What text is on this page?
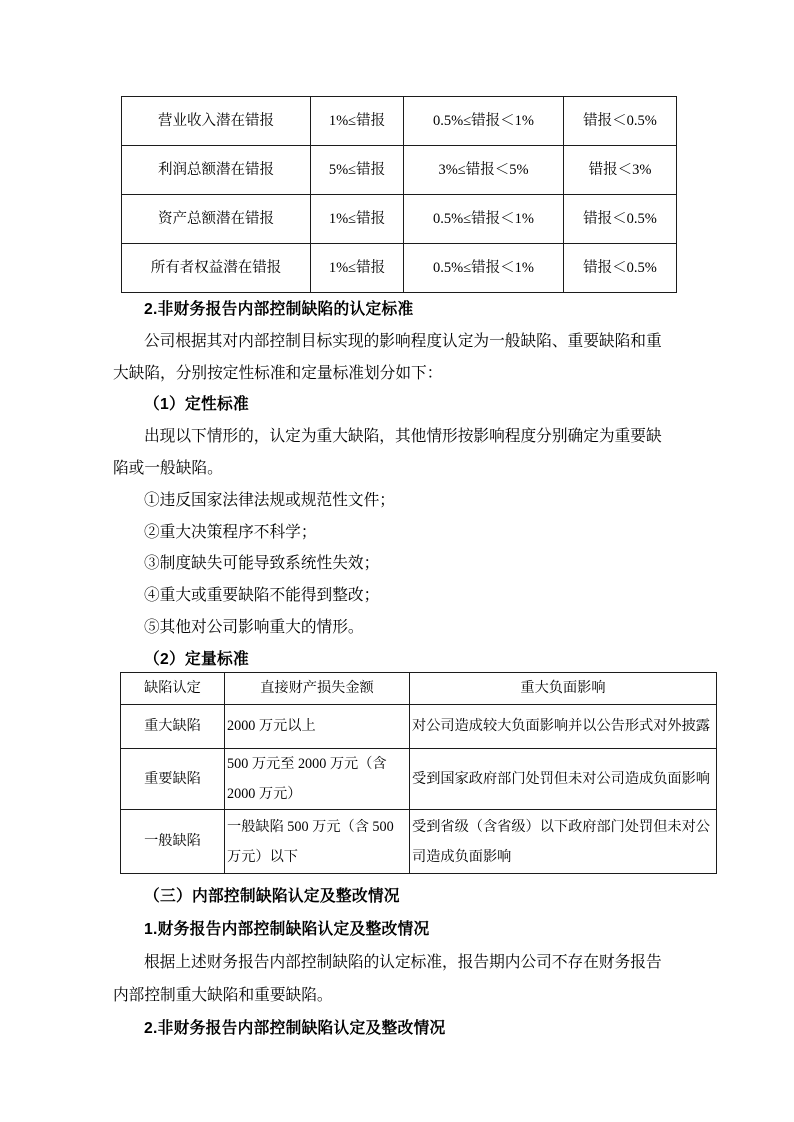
营业收入潜在错报	1%≤错报	0.5%≤错报＜1%	错报＜0.5%
利润总额潜在错报	5%≤错报	3%≤错报＜5%	错报＜3%
资产总额潜在错报	1%≤错报	0.5%≤错报＜1%	错报＜0.5%
所有者权益潜在错报	1%≤错报	0.5%≤错报＜1%	错报＜0.5%
2.非财务报告内部控制缺陷的认定标准
公司根据其对内部控制目标实现的影响程度认定为一般缺陷、重要缺陷和重
大缺陷，分别按定性标准和定量标准划分如下：
（1）定性标准
出现以下情形的，认定为重大缺陷，其他情形按影响程度分别确定为重要缺
陷或一般缺陷。
①违反国家法律法规或规范性文件；
②重大决策程序不科学；
③制度缺失可能导致系统性失效；
④重大或重要缺陷不能得到整改；
⑤其他对公司影响重大的情形。
（2）定量标准
缺陷认定	直接财产损失金额	重大负面影响
重大缺陷	2000 万元以上	对公司造成较大负面影响并以公告形式对外披露
重要缺陷	500 万元至 2000 万元（含 2000 万元）	受到国家政府部门处罚但未对公司造成负面影响
一般缺陷	一般缺陷 500 万元（含 500 万元）以下	受到省级（含省级）以下政府部门处罚但未对公司造成负面影响
（三）内部控制缺陷认定及整改情况
1.财务报告内部控制缺陷认定及整改情况
根据上述财务报告内部控制缺陷的认定标准，报告期内公司不存在财务报告
内部控制重大缺陷和重要缺陷。
2.非财务报告内部控制缺陷认定及整改情况
